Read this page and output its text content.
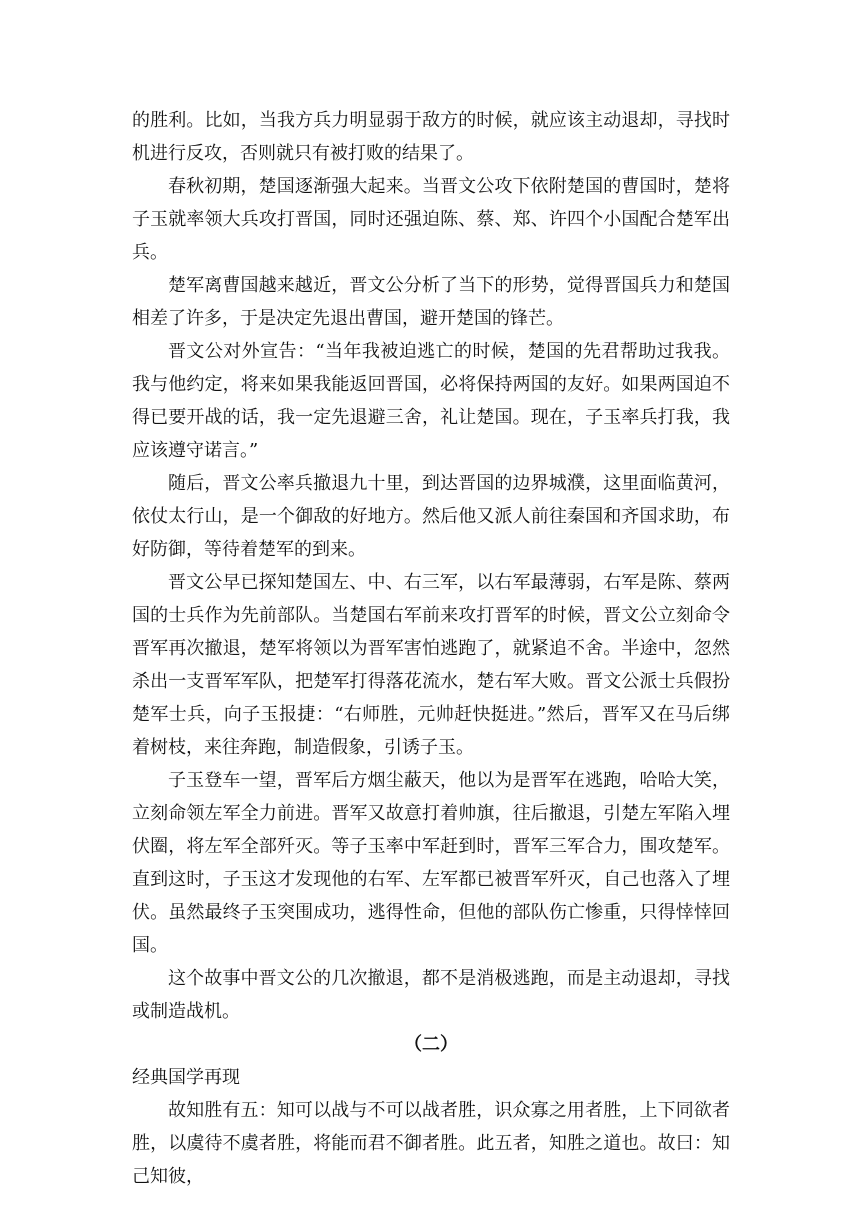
的胜利。比如，当我方兵力明显弱于敌方的时候，就应该主动退却，寻找时机进行反攻，否则就只有被打败的结果了。

春秋初期，楚国逐渐强大起来。当晋文公攻下依附楚国的曹国时，楚将子玉就率领大兵攻打晋国，同时还强迫陈、蔡、郑、许四个小国配合楚军出兵。

楚军离曹国越来越近，晋文公分析了当下的形势，觉得晋国兵力和楚国相差了许多，于是决定先退出曹国，避开楚国的锋芒。

晋文公对外宣告：“当年我被迫逃亡的时候，楚国的先君帮助过我我。我与他约定，将来如果我能返回晋国，必将保持两国的友好。如果两国迫不得已要开战的话，我一定先退避三舍，礼让楚国。现在，子玉率兵打我，我应该遵守诺言。”

随后，晋文公率兵撤退九十里，到达晋国的边界城濮，这里面临黄河，依仗太行山，是一个御敌的好地方。然后他又派人前往秦国和齐国求助，布好防御，等待着楚军的到来。

晋文公早已探知楚国左、中、右三军，以右军最薄弱，右军是陈、蔡两国的士兵作为先前部队。当楚国右军前来攻打晋军的时候，晋文公立刻命令晋军再次撤退，楚军将领以为晋军害怕逃跑了，就紧追不舍。半途中，忽然杀出一支晋军军队，把楚军打得落花流水，楚右军大败。晋文公派士兵假扮楚军士兵，向子玉报捷：“右师胜，元帅赶快挺进。”然后，晋军又在马后绑着树枝，来往奔跑，制造假象，引诱子玉。

子玉登车一望，晋军后方烟尘蔽天，他以为是晋军在逃跑，哈哈大笑，立刻命领左军全力前进。晋军又故意打着帅旗，往后撤退，引楚左军陷入埋伏圈，将左军全部歼灭。等子玉率中军赶到时，晋军三军合力，围攻楚军。直到这时，子玉这才发现他的右军、左军都已被晋军歼灭，自己也落入了埋伏。虽然最终子玉突围成功，逃得性命，但他的部队伤亡惨重，只得悻悻回国。

这个故事中晋文公的几次撤退，都不是消极逃跑，而是主动退却，寻找或制造战机。

（二）

经典国学再现

故知胜有五：知可以战与不可以战者胜，识众寡之用者胜，上下同欲者胜，以虞待不虞者胜，将能而君不御者胜。此五者，知胜之道也。故曰：知己知彼，
